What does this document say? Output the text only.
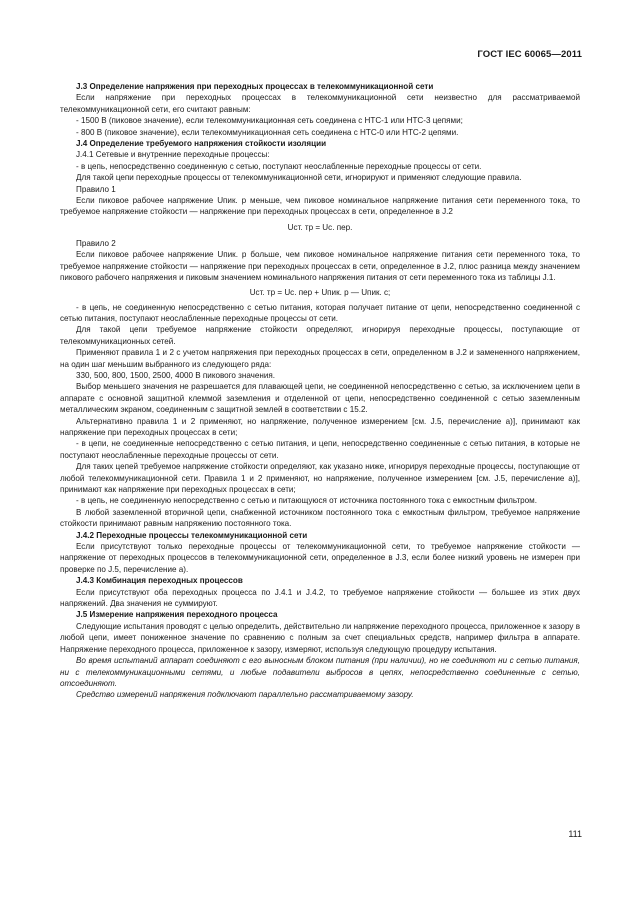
ГОСТ IEC 60065—2011

J.3 Определение напряжения при переходных процессах в телекоммуникационной сети

Если напряжение при переходных процессах в телекоммуникационной сети неизвестно для рассматриваемой телекоммуникационной сети, его считают равным:

- 1500 В (пиковое значение), если телекоммуникационная сеть соединена с НТС-1 или НТС-3 цепями;

- 800 В (пиковое значение), если телекоммуникационная сеть соединена с НТС-0 или НТС-2 цепями.

J.4 Определение требуемого напряжения стойкости изоляции

J.4.1 Сетевые и внутренние переходные процессы:

- в цепь, непосредственно соединенную с сетью, поступают неослабленные переходные процессы от сети.

Для такой цепи переходные процессы от телекоммуникационной сети, игнорируют и применяют следующие правила.

Правило 1

Если пиковое рабочее напряжение Uпик. р меньше, чем пиковое номинальное напряжение питания сети переменного тока, то требуемое напряжение стойкости — напряжение при переходных процессах в сети, определенное в J.2

Uст. тр = Uс. пер.

Правило 2

Если пиковое рабочее напряжение Uпик. р больше, чем пиковое номинальное напряжение питания сети переменного тока, то требуемое напряжение стойкости — напряжение при переходных процессах в сети, определенное в J.2, плюс разница между значением пикового рабочего напряжения и пиковым значением номинального напряжения питания от сети переменного тока из таблицы J.1.

Uст. тр = Uс. пер + Uпик. р — Uпик. с;

- в цепь, не соединенную непосредственно с сетью питания, которая получает питание от цепи, непосредственно соединенной с сетью питания, поступают неослабленные переходные процессы от сети.

Для такой цепи требуемое напряжение стойкости определяют, игнорируя переходные процессы, поступающие от телекоммуникационных сетей.

Применяют правила 1 и 2 с учетом напряжения при переходных процессах в сети, определенном в J.2 и замененного напряжением, на один шаг меньшим выбранного из следующего ряда:

330, 500, 800, 1500, 2500, 4000 В пикового значения.

Выбор меньшего значения не разрешается для плавающей цепи, не соединенной непосредственно с сетью, за исключением цепи в аппарате с основной защитной клеммой заземления и отделенной от цепи, непосредственно соединенной с сетью заземленным металлическим экраном, соединенным с защитной землей в соответствии с 15.2.

Альтернативно правила 1 и 2 применяют, но напряжение, полученное измерением [см. J.5, перечисление а)], принимают как напряжение при переходных процессах в сети;

- в цепи, не соединенные непосредственно с сетью питания, и цепи, непосредственно соединенные с сетью питания, в которые не поступают неослабленные переходные процессы от сети.

Для таких цепей требуемое напряжение стойкости определяют, как указано ниже, игнорируя переходные процессы, поступающие от любой телекоммуникационной сети. Правила 1 и 2 применяют, но напряжение, полученное измерением [см. J.5, перечисление а)], принимают как напряжение при переходных процессах в сети;

- в цепь, не соединенную непосредственно с сетью и питающуюся от источника постоянного тока с емкостным фильтром.

В любой заземленной вторичной цепи, снабженной источником постоянного тока с емкостным фильтром, требуемое напряжение стойкости принимают равным напряжению постоянного тока.

J.4.2 Переходные процессы телекоммуникационной сети

Если присутствуют только переходные процессы от телекоммуникационной сети, то требуемое напряжение стойкости — напряжение от переходных процессов в телекоммуникационной сети, определенное в J.3, если более низкий уровень не измерен при проверке по J.5, перечисление а).

J.4.3 Комбинация переходных процессов

Если присутствуют оба переходных процесса по J.4.1 и J.4.2, то требуемое напряжение стойкости — большее из этих двух напряжений. Два значения не суммируют.

J.5 Измерение напряжения переходного процесса

Следующие испытания проводят с целью определить, действительно ли напряжение переходного процесса, приложенное к зазору в любой цепи, имеет пониженное значение по сравнению с полным за счет специальных средств, например фильтра в аппарате. Напряжение переходного процесса, приложенное к зазору, измеряют, используя следующую процедуру испытания.

Во время испытаний аппарат соединяют с его выносным блоком питания (при наличии), но не соединяют ни с сетью питания, ни с телекоммуникационными сетями, и любые подавители выбросов в цепях, непосредственно соединенные с сетью, отсоединяют.

Средство измерений напряжения подключают параллельно рассматриваемому зазору.

111
